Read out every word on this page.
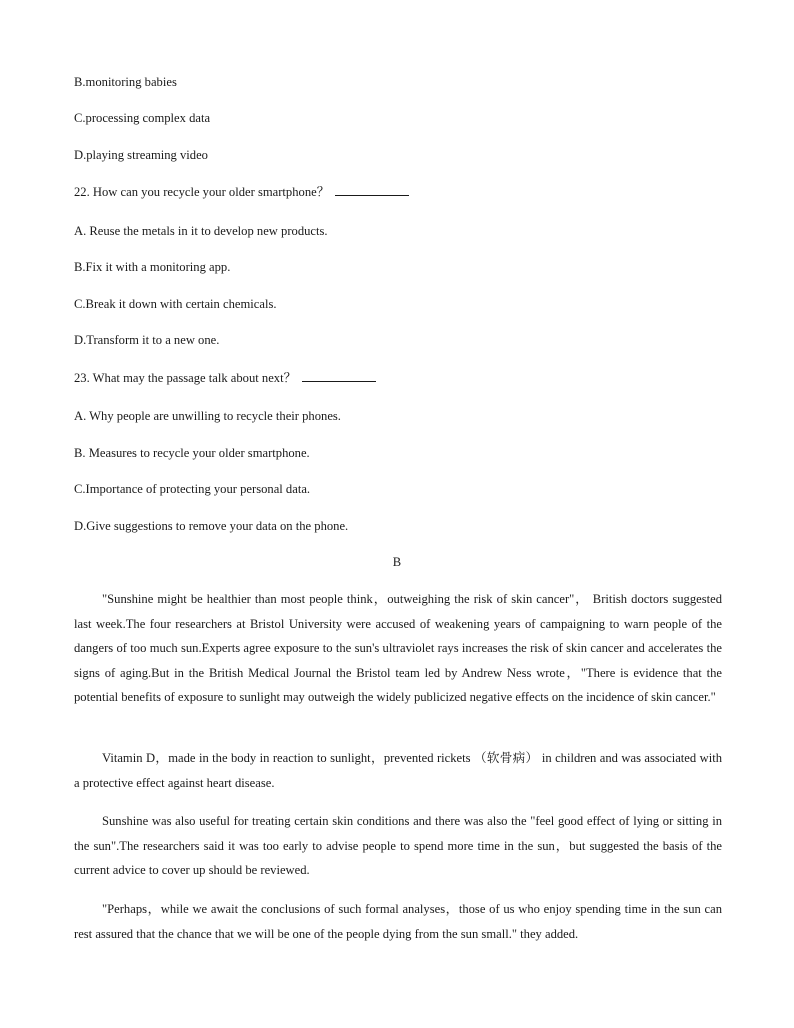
B.monitoring babies
C.processing complex data
D.playing streaming video
22. How can you recycle your older smartphone？
A. Reuse the metals in it to develop new products.
B.Fix it with a monitoring app.
C.Break it down with certain chemicals.
D.Transform it to a new one.
23. What may the passage talk about next？
A. Why people are unwilling to recycle their phones.
B. Measures to recycle your older smartphone.
C.Importance of protecting your personal data.
D.Give suggestions to remove your data on the phone.
B
"Sunshine might be healthier than most people think，outweighing the risk of skin cancer"， British doctors suggested last week.The four researchers at Bristol University were accused of weakening years of campaigning to warn people of the dangers of too much sun.Experts agree exposure to the sun's ultraviolet rays increases the risk of skin cancer and accelerates the signs of aging.But in the British Medical Journal the Bristol team led by Andrew Ness wrote，"There is evidence that the potential benefits of exposure to sunlight may outweigh the widely publicized negative effects on the incidence of skin cancer."
Vitamin D，made in the body in reaction to sunlight，prevented rickets （软骨病） in children and was associated with a protective effect against heart disease.
Sunshine was also useful for treating certain skin conditions and there was also the "feel good effect of lying or sitting in the sun".The researchers said it was too early to advise people to spend more time in the sun，but suggested the basis of the current advice to cover up should be reviewed.
"Perhaps，while we await the conclusions of such formal analyses，those of us who enjoy spending time in the sun can rest assured that the chance that we will be one of the people dying from the sun small." they added.
